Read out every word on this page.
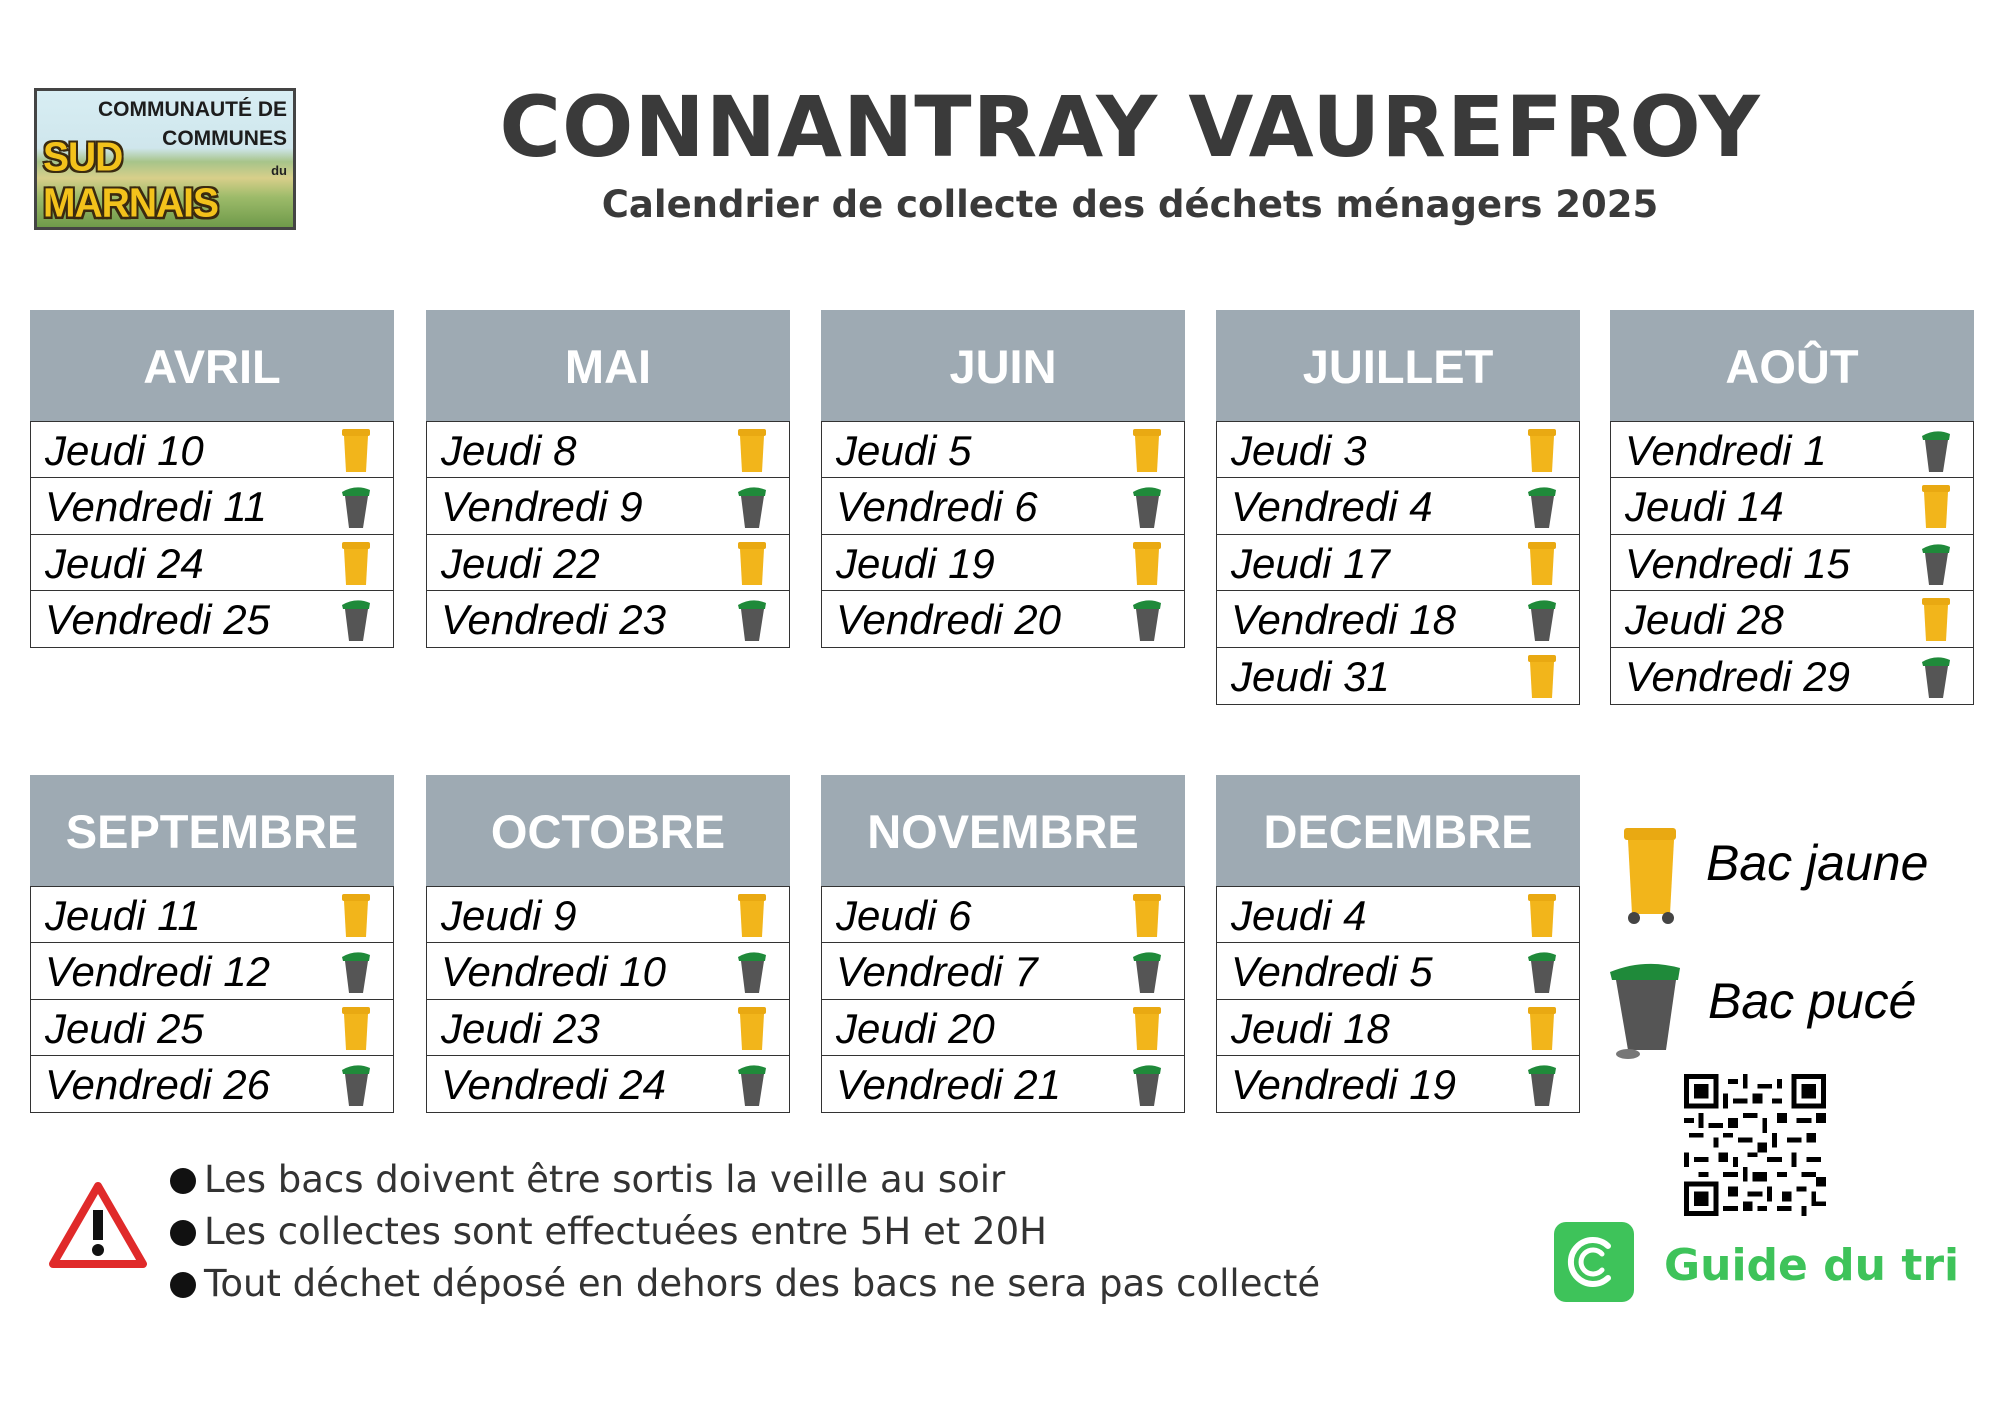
COMMUNAUTÉ DE
COMMUNES
du
SUD MARNAIS
CONNANTRAY VAUREFROY
Calendrier de collecte des déchets ménagers 2025
AVRIL
Jeudi 10
Vendredi 11
Jeudi 24
Vendredi 25
MAI
Jeudi 8
Vendredi 9
Jeudi 22
Vendredi 23
JUIN
Jeudi 5
Vendredi 6
Jeudi 19
Vendredi 20
JUILLET
Jeudi 3
Vendredi 4
Jeudi 17
Vendredi 18
Jeudi 31
AOÛT
Vendredi 1
Jeudi 14
Vendredi 15
Jeudi 28
Vendredi 29
SEPTEMBRE
Jeudi 11
Vendredi 12
Jeudi 25
Vendredi 26
OCTOBRE
Jeudi 9
Vendredi 10
Jeudi 23
Vendredi 24
NOVEMBRE
Jeudi 6
Vendredi 7
Jeudi 20
Vendredi 21
DECEMBRE
Jeudi 4
Vendredi 5
Jeudi 18
Vendredi 19
Bac jaune
Bac pucé
Les bacs doivent être sortis la veille au soir
Les collectes sont effectuées entre 5H et 20H
Tout déchet déposé en dehors des bacs ne sera pas collecté	Guide du tri
